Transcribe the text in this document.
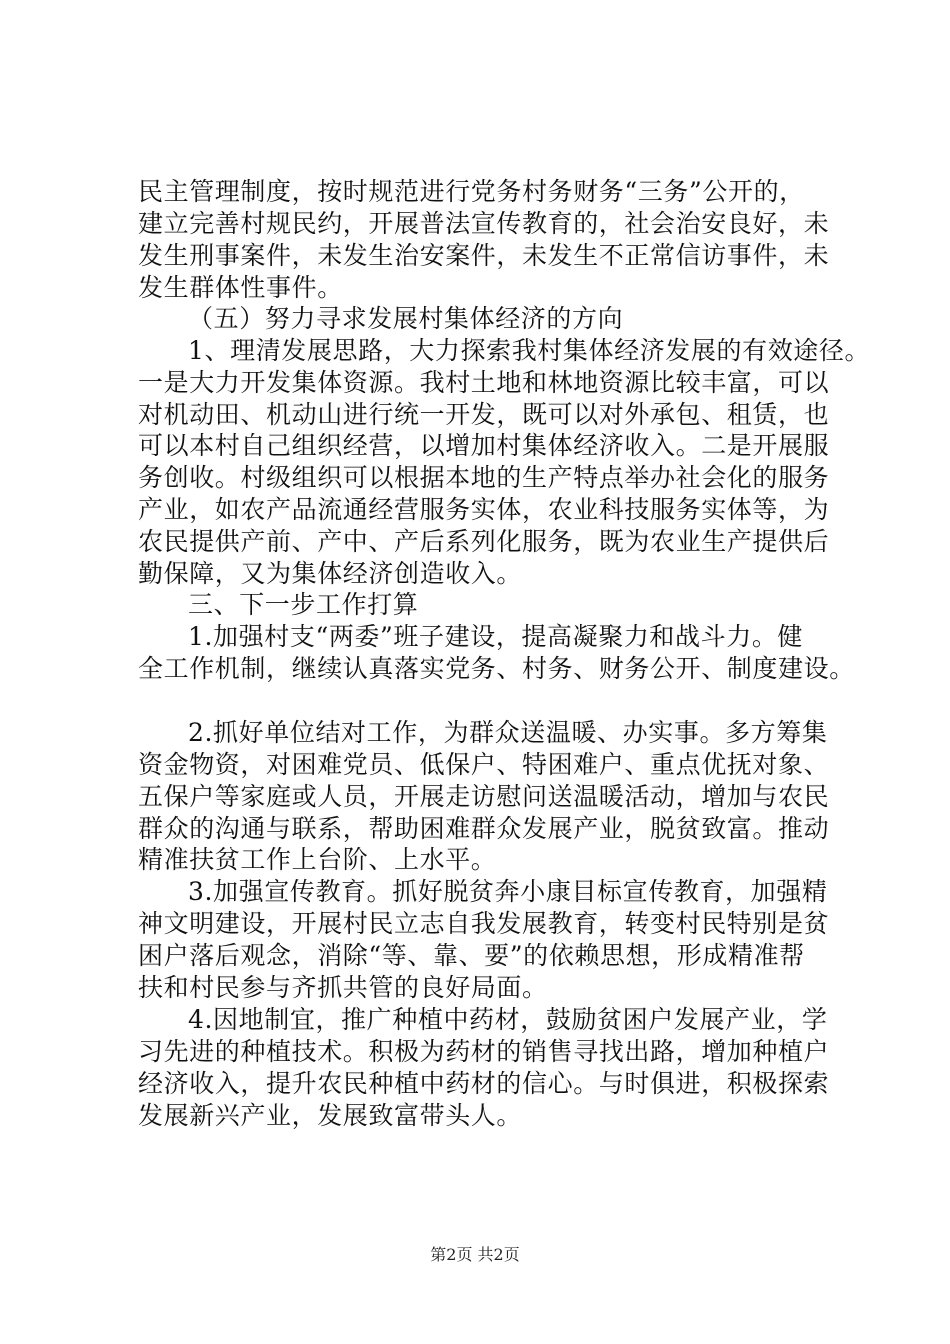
民主管理制度，按时规范进行党务村务财务“三务”公开的，
建立完善村规民约，开展普法宣传教育的，社会治安良好，未
发生刑事案件，未发生治安案件，未发生不正常信访事件，未
发生群体性事件。
（五）努力寻求发展村集体经济的方向
1、理清发展思路，大力探索我村集体经济发展的有效途径。
一是大力开发集体资源。我村土地和林地资源比较丰富，可以
对机动田、机动山进行统一开发，既可以对外承包、租赁，也
可以本村自己组织经营，以增加村集体经济收入。二是开展服
务创收。村级组织可以根据本地的生产特点举办社会化的服务
产业，如农产品流通经营服务实体，农业科技服务实体等，为
农民提供产前、产中、产后系列化服务，既为农业生产提供后
勤保障，又为集体经济创造收入。
三、下一步工作打算
1.加强村支“两委”班子建设，提高凝聚力和战斗力。健
全工作机制，继续认真落实党务、村务、财务公开、制度建设。
2.抓好单位结对工作，为群众送温暖、办实事。多方筹集
资金物资，对困难党员、低保户、特困难户、重点优抚对象、
五保户等家庭或人员，开展走访慰问送温暖活动，增加与农民
群众的沟通与联系，帮助困难群众发展产业，脱贫致富。推动
精准扶贫工作上台阶、上水平。
3.加强宣传教育。抓好脱贫奔小康目标宣传教育，加强精
神文明建设，开展村民立志自我发展教育，转变村民特别是贫
困户落后观念，消除“等、靠、要”的依赖思想，形成精准帮
扶和村民参与齐抓共管的良好局面。
4.因地制宜，推广种植中药材，鼓励贫困户发展产业，学
习先进的种植技术。积极为药材的销售寻找出路，增加种植户
经济收入，提升农民种植中药材的信心。与时俱进，积极探索
发展新兴产业，发展致富带头人。
第2页 共2页
